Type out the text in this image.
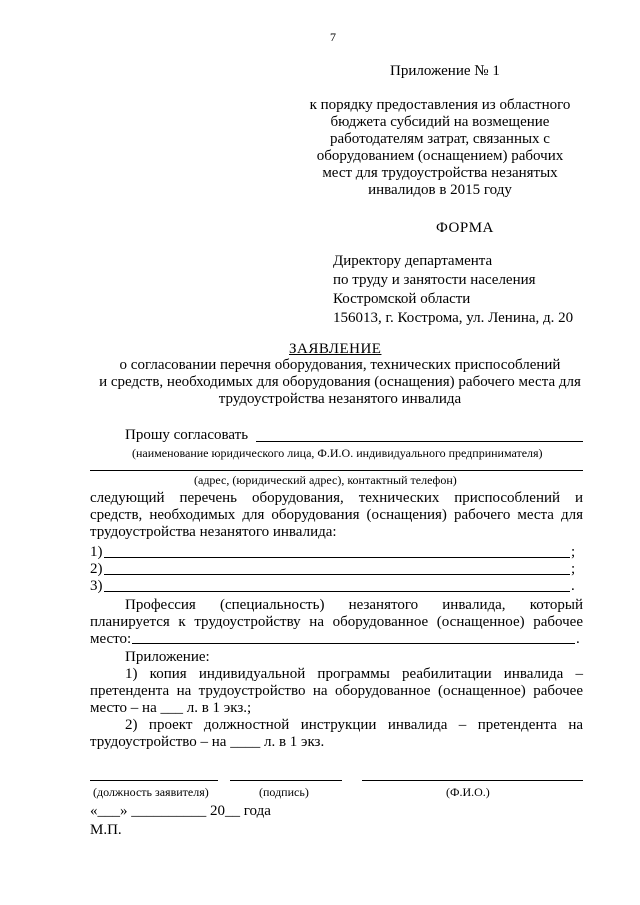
7
Приложение № 1
к порядку предоставления из областного
бюджета субсидий на возмещение
работодателям затрат, связанных с
оборудованием (оснащением) рабочих
мест для трудоустройства незанятых
инвалидов в 2015 году
ФОРМА
Директору департамента
по труду и занятости населения
Костромской области
156013, г. Кострома, ул. Ленина, д. 20
ЗАЯВЛЕНИЕ
о согласовании перечня оборудования, технических приспособлений
и средств, необходимых для оборудования (оснащения) рабочего места для
трудоустройства незанятого инвалида
Прошу согласовать
(наименование юридического лица, Ф.И.О. индивидуального предпринимателя)
(адрес, (юридический адрес), контактный телефон)
следующий перечень оборудования, технических приспособлений и
средств, необходимых для оборудования (оснащения) рабочего места для
трудоустройства незанятого инвалида:
1)	;
2)	;
3)	.
Профессия (специальность) незанятого инвалида, который
планируется к трудоустройству на оборудованное (оснащенное) рабочее
место:	.
Приложение:
1) копия индивидуальной программы реабилитации инвалида –
претендента на трудоустройство на оборудованное (оснащенное) рабочее
место – на ___ л. в 1 экз.;
2) проект должностной инструкции инвалида – претендента на
трудоустройство – на ____ л. в 1 экз.
(должность заявителя)	(подпись)	(Ф.И.О.)
«___» __________ 20__ года
М.П.
